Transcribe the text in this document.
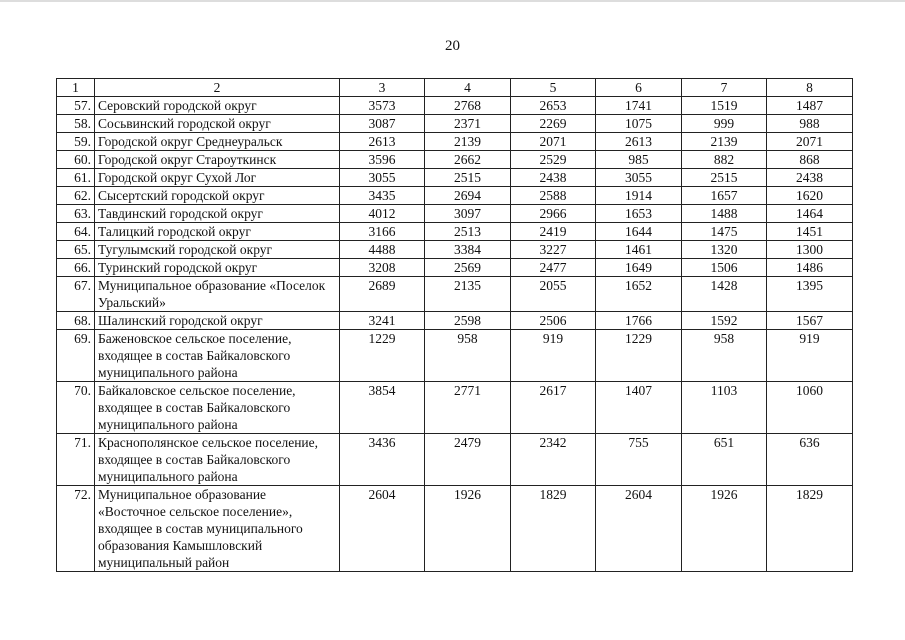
20
1	2	3	4	5	6	7	8
57.	Серовский городской округ	3573	2768	2653	1741	1519	1487
58.	Сосьвинский городской округ	3087	2371	2269	1075	999	988
59.	Городской округ Среднеуральск	2613	2139	2071	2613	2139	2071
60.	Городской округ Староуткинск	3596	2662	2529	985	882	868
61.	Городской округ Сухой Лог	3055	2515	2438	3055	2515	2438
62.	Сысертский городской округ	3435	2694	2588	1914	1657	1620
63.	Тавдинский городской округ	4012	3097	2966	1653	1488	1464
64.	Талицкий городской округ	3166	2513	2419	1644	1475	1451
65.	Тугулымский городской округ	4488	3384	3227	1461	1320	1300
66.	Туринский городской округ	3208	2569	2477	1649	1506	1486
67.	Муниципальное образование «Поселок Уральский»	2689	2135	2055	1652	1428	1395
68.	Шалинский городской округ	3241	2598	2506	1766	1592	1567
69.	Баженовское сельское поселение, входящее в состав Байкаловского муниципального района	1229	958	919	1229	958	919
70.	Байкаловское сельское поселение, входящее в состав Байкаловского муниципального района	3854	2771	2617	1407	1103	1060
71.	Краснополянское сельское поселение, входящее в состав Байкаловского муниципального района	3436	2479	2342	755	651	636
72.	Муниципальное образование «Восточное сельское поселение», входящее в состав муниципального образования Камышловский муниципальный район	2604	1926	1829	2604	1926	1829
